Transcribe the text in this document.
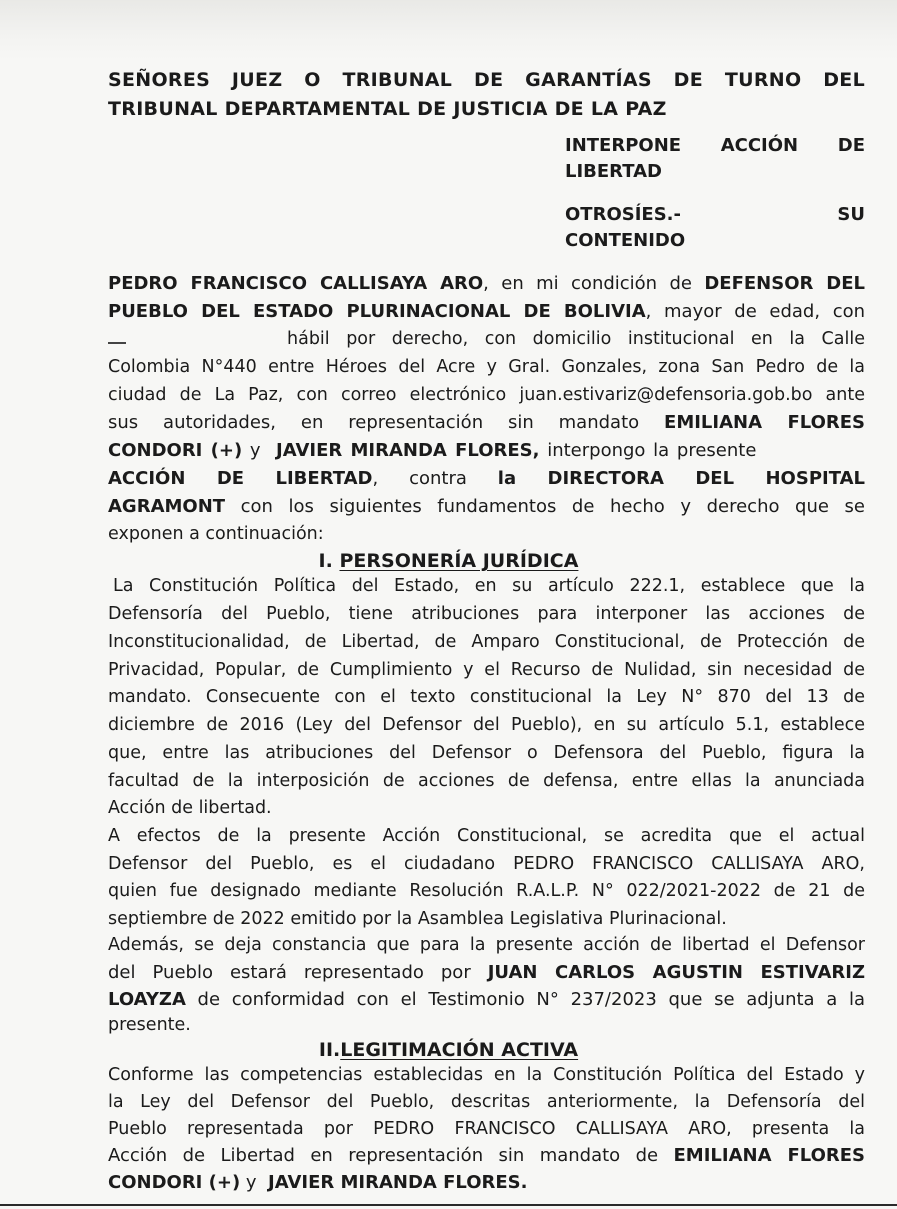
SEÑORES JUEZ O TRIBUNAL DE GARANTÍAS DE TURNO DEL
TRIBUNAL DEPARTAMENTAL DE JUSTICIA DE LA PAZ
INTERPONE ACCIÓN DE
LIBERTAD
OTROSÍES.-	SU
CONTENIDO
PEDRO FRANCISCO CALLISAYA ARO, en mi condición de DEFENSOR DEL
PUEBLO DEL ESTADO PLURINACIONAL DE BOLIVIA, mayor de edad, con
hábil por derecho, con domicilio institucional en la Calle
Colombia N°440 entre Héroes del Acre y Gral. Gonzales, zona San Pedro de la
ciudad de La Paz, con correo electrónico juan.estivariz@defensoria.gob.bo ante
sus autoridades, en representación sin mandato EMILIANA FLORES
CONDORI (+) y  JAVIER MIRANDA FLORES, interpongo la presente
ACCIÓN DE LIBERTAD, contra la DIRECTORA DEL HOSPITAL
AGRAMONT con los siguientes fundamentos de hecho y derecho que se
exponen a continuación:
I. PERSONERÍA JURÍDICA
La Constitución Política del Estado, en su artículo 222.1, establece que la
Defensoría del Pueblo, tiene atribuciones para interponer las acciones de
Inconstitucionalidad, de Libertad, de Amparo Constitucional, de Protección de
Privacidad, Popular, de Cumplimiento y el Recurso de Nulidad, sin necesidad de
mandato. Consecuente con el texto constitucional la Ley N° 870 del 13 de
diciembre de 2016 (Ley del Defensor del Pueblo), en su artículo 5.1, establece
que, entre las atribuciones del Defensor o Defensora del Pueblo, figura la
facultad de la interposición de acciones de defensa, entre ellas la anunciada
Acción de libertad.
A efectos de la presente Acción Constitucional, se acredita que el actual
Defensor del Pueblo, es el ciudadano PEDRO FRANCISCO CALLISAYA ARO,
quien fue designado mediante Resolución R.A.L.P. N° 022/2021-2022 de 21 de
septiembre de 2022 emitido por la Asamblea Legislativa Plurinacional.
Además, se deja constancia que para la presente acción de libertad el Defensor
del Pueblo estará representado por JUAN CARLOS AGUSTIN ESTIVARIZ
LOAYZA de conformidad con el Testimonio N° 237/2023 que se adjunta a la
presente.
II.LEGITIMACIÓN ACTIVA
Conforme las competencias establecidas en la Constitución Política del Estado y
la Ley del Defensor del Pueblo, descritas anteriormente, la Defensoría del
Pueblo representada por PEDRO FRANCISCO CALLISAYA ARO, presenta la
Acción de Libertad en representación sin mandato de EMILIANA FLORES
CONDORI (+) y  JAVIER MIRANDA FLORES.
